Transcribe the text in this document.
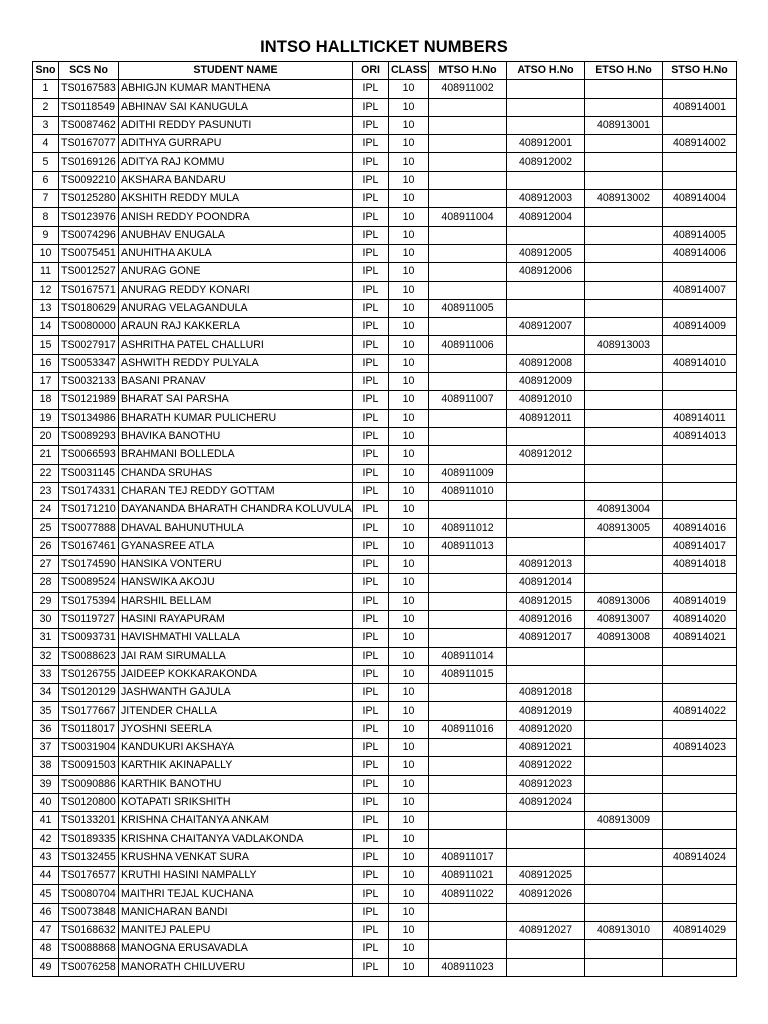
INTSO HALLTICKET NUMBERS
Sno	SCS No	STUDENT NAME	ORI	CLASS	MTSO H.No	ATSO H.No	ETSO H.No	STSO H.No
1	TS0167583	ABHIGJN KUMAR MANTHENA	IPL	10	408911002			
2	TS0118549	ABHINAV SAI KANUGULA	IPL	10				408914001
3	TS0087462	ADITHI REDDY PASUNUTI	IPL	10			408913001	
4	TS0167077	ADITHYA GURRAPU	IPL	10		408912001		408914002
5	TS0169126	ADITYA RAJ KOMMU	IPL	10		408912002		
6	TS0092210	AKSHARA BANDARU	IPL	10				
7	TS0125280	AKSHITH REDDY MULA	IPL	10		408912003	408913002	408914004
8	TS0123976	ANISH REDDY POONDRA	IPL	10	408911004	408912004		
9	TS0074296	ANUBHAV ENUGALA	IPL	10				408914005
10	TS0075451	ANUHITHA AKULA	IPL	10		408912005		408914006
11	TS0012527	ANURAG GONE	IPL	10		408912006		
12	TS0167571	ANURAG REDDY KONARI	IPL	10				408914007
13	TS0180629	ANURAG VELAGANDULA	IPL	10	408911005			
14	TS0080000	ARAUN RAJ KAKKERLA	IPL	10		408912007		408914009
15	TS0027917	ASHRITHA PATEL CHALLURI	IPL	10	408911006		408913003	
16	TS0053347	ASHWITH REDDY PULYALA	IPL	10		408912008		408914010
17	TS0032133	BASANI PRANAV	IPL	10		408912009		
18	TS0121989	BHARAT SAI PARSHA	IPL	10	408911007	408912010		
19	TS0134986	BHARATH KUMAR PULICHERU	IPL	10		408912011		408914011
20	TS0089293	BHAVIKA BANOTHU	IPL	10				408914013
21	TS0066593	BRAHMANI BOLLEDLA	IPL	10		408912012		
22	TS0031145	CHANDA SRUHAS	IPL	10	408911009			
23	TS0174331	CHARAN TEJ REDDY GOTTAM	IPL	10	408911010			
24	TS0171210	DAYANANDA BHARATH CHANDRA KOLUVULA	IPL	10			408913004	
25	TS0077888	DHAVAL BAHUNUTHULA	IPL	10	408911012		408913005	408914016
26	TS0167461	GYANASREE ATLA	IPL	10	408911013			408914017
27	TS0174590	HANSIKA VONTERU	IPL	10		408912013		408914018
28	TS0089524	HANSWIKA AKOJU	IPL	10		408912014		
29	TS0175394	HARSHIL BELLAM	IPL	10		408912015	408913006	408914019
30	TS0119727	HASINI RAYAPURAM	IPL	10		408912016	408913007	408914020
31	TS0093731	HAVISHMATHI VALLALA	IPL	10		408912017	408913008	408914021
32	TS0088623	JAI RAM SIRUMALLA	IPL	10	408911014			
33	TS0126755	JAIDEEP KOKKARAKONDA	IPL	10	408911015			
34	TS0120129	JASHWANTH GAJULA	IPL	10		408912018		
35	TS0177667	JITENDER CHALLA	IPL	10		408912019		408914022
36	TS0118017	JYOSHNI SEERLA	IPL	10	408911016	408912020		
37	TS0031904	KANDUKURI AKSHAYA	IPL	10		408912021		408914023
38	TS0091503	KARTHIK AKINAPALLY	IPL	10		408912022		
39	TS0090886	KARTHIK BANOTHU	IPL	10		408912023		
40	TS0120800	KOTAPATI SRIKSHITH	IPL	10		408912024		
41	TS0133201	KRISHNA CHAITANYA ANKAM	IPL	10			408913009	
42	TS0189335	KRISHNA CHAITANYA VADLAKONDA	IPL	10				
43	TS0132455	KRUSHNA VENKAT SURA	IPL	10	408911017			408914024
44	TS0176577	KRUTHI HASINI NAMPALLY	IPL	10	408911021	408912025		
45	TS0080704	MAITHRI TEJAL KUCHANA	IPL	10	408911022	408912026		
46	TS0073848	MANICHARAN BANDI	IPL	10				
47	TS0168632	MANITEJ PALEPU	IPL	10		408912027	408913010	408914029
48	TS0088868	MANOGNA ERUSAVADLA	IPL	10				
49	TS0076258	MANORATH CHILUVERU	IPL	10	408911023			
